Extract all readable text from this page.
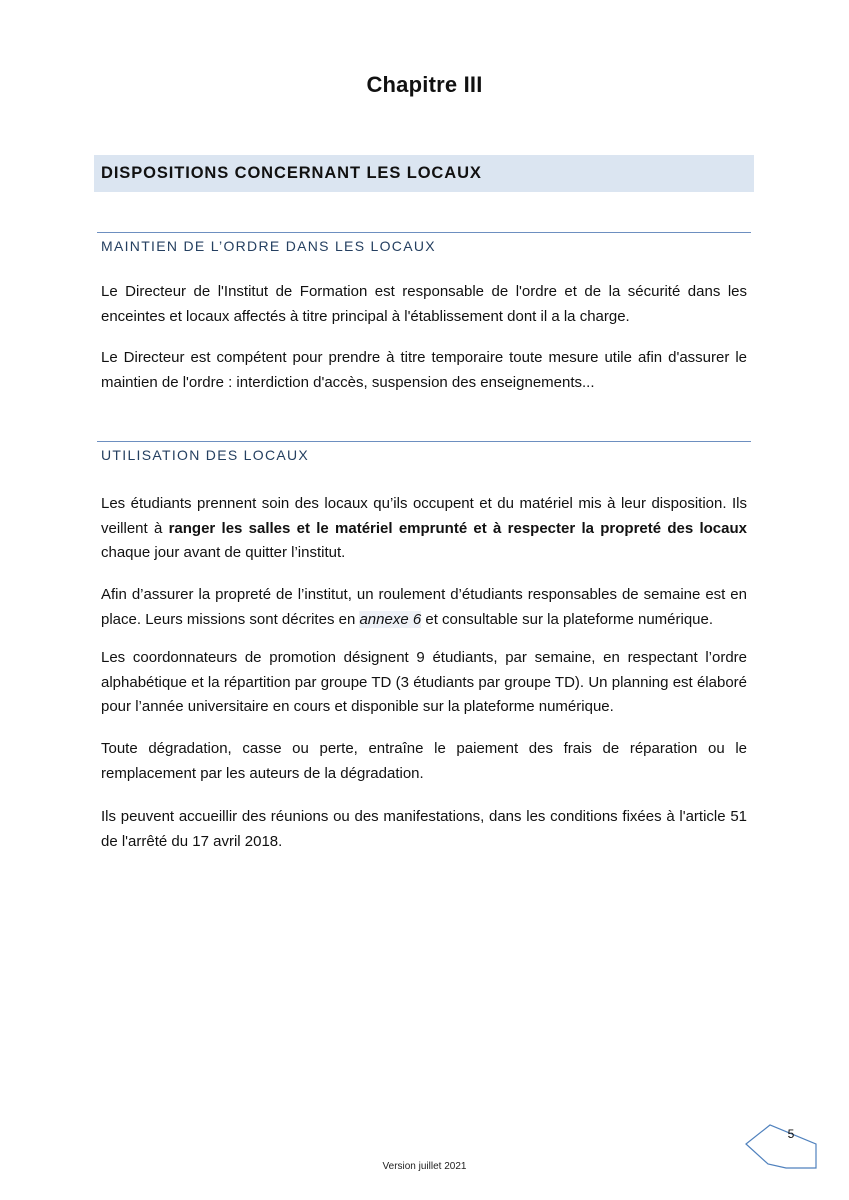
Chapitre III
DISPOSITIONS CONCERNANT LES LOCAUX
MAINTIEN DE L’ORDRE DANS LES LOCAUX
Le Directeur de l'Institut de Formation est responsable de l'ordre et de la sécurité dans les enceintes et locaux affectés à titre principal à l'établissement dont il a la charge.
Le Directeur est compétent pour prendre à titre temporaire toute mesure utile afin d'assurer le maintien de l'ordre : interdiction d'accès, suspension des enseignements...
UTILISATION DES LOCAUX
Les étudiants prennent soin des locaux qu’ils occupent et du matériel mis à leur disposition. Ils veillent à ranger les salles et le matériel emprunté et à respecter la propreté des locaux chaque jour avant de quitter l’institut.
Afin d’assurer la propreté de l’institut, un roulement d’étudiants responsables de semaine est en place. Leurs missions sont décrites en annexe 6 et consultable sur la plateforme numérique.
Les coordonnateurs de promotion désignent 9 étudiants, par semaine, en respectant l’ordre alphabétique et la répartition par groupe TD (3 étudiants par groupe TD). Un planning est élaboré pour l’année universitaire en cours et disponible sur la plateforme numérique.
Toute dégradation, casse ou perte, entraîne le paiement des frais de réparation ou le remplacement par les auteurs de la dégradation.
Ils peuvent accueillir des réunions ou des manifestations, dans les conditions fixées à l'article 51 de l'arrêté du 17 avril 2018.
5
Version juillet 2021
